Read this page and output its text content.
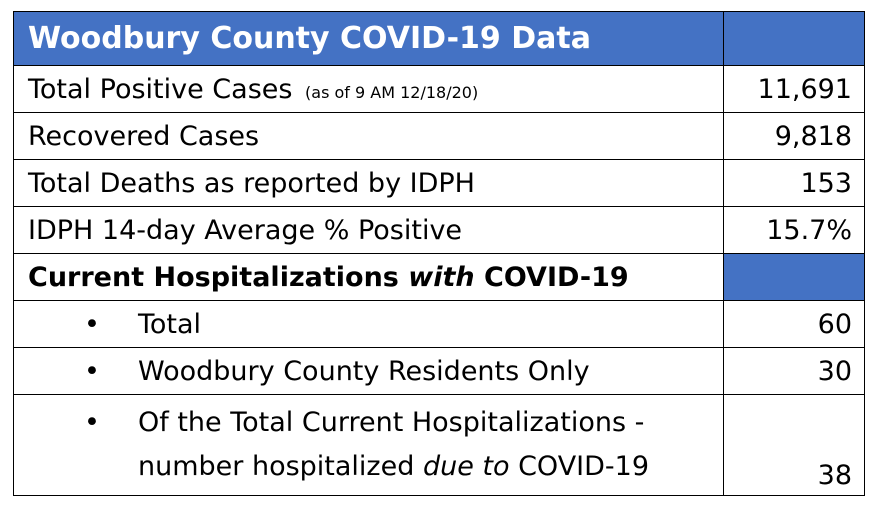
Woodbury County COVID-19 Data	
Total Positive Cases (as of 9 AM 12/18/20)	11,691
Recovered Cases	9,818
Total Deaths as reported by IDPH	153
IDPH 14-day Average % Positive	15.7%
Current Hospitalizations with COVID-19	
• Total	60
• Woodbury County Residents Only	30

• Of the Total Current Hospitalizations -
number hospitalized due to COVID-19	38
